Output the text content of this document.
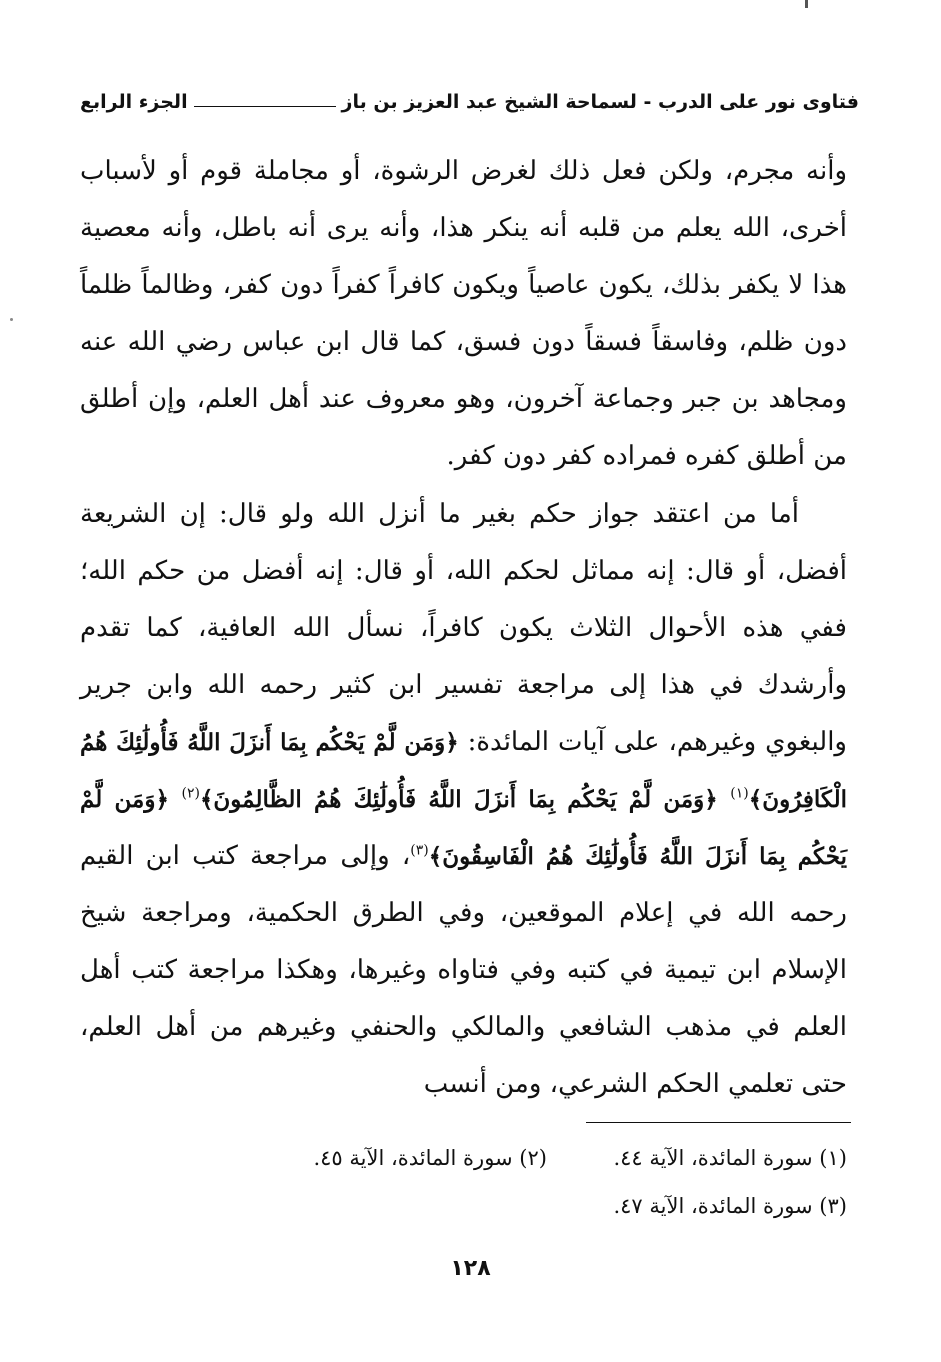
فتاوى نور على الدرب - لسماحة الشيخ عبد العزيز بن باز
الجزء الرابع
وأنه مجرم، ولكن فعل ذلك لغرض الرشوة، أو مجاملة قوم أو لأسباب أخرى، الله يعلم من قلبه أنه ينكر هذا، وأنه يرى أنه باطل، وأنه معصية هذا لا يكفر بذلك، يكون عاصياً ويكون كافراً كفراً دون كفر، وظالماً ظلماً دون ظلم، وفاسقاً فسقاً دون فسق، كما قال ابن عباس رضي الله عنه ومجاهد بن جبر وجماعة آخرون، وهو معروف عند أهل العلم، وإن أطلق من أطلق كفره فمراده كفر دون كفر.
أما من اعتقد جواز حكم بغير ما أنزل الله ولو قال: إن الشريعة أفضل، أو قال: إنه مماثل لحكم الله، أو قال: إنه أفضل من حكم الله؛ ففي هذه الأحوال الثلاث يكون كافراً، نسأل الله العافية، كما تقدم وأرشدك في هذا إلى مراجعة تفسير ابن كثير رحمه الله وابن جرير والبغوي وغيرهم، على آيات المائدة: ﴿وَمَن لَّمْ يَحْكُم بِمَا أَنزَلَ اللَّهُ فَأُولَٰئِكَ هُمُ الْكَافِرُونَ﴾$^{(١)}$ ﴿وَمَن لَّمْ يَحْكُم بِمَا أَنزَلَ اللَّهُ فَأُولَٰئِكَ هُمُ الظَّالِمُونَ﴾$^{(٢)}$ ﴿وَمَن لَّمْ يَحْكُم بِمَا أَنزَلَ اللَّهُ فَأُولَٰئِكَ هُمُ الْفَاسِقُونَ﴾$^{(٣)}$، وإلى مراجعة كتب ابن القيم رحمه الله في إعلام الموقعين، وفي الطرق الحكمية، ومراجعة شيخ الإسلام ابن تيمية في كتبه وفي فتاواه وغيرها، وهكذا مراجعة كتب أهل العلم في مذهب الشافعي والمالكي والحنفي وغيرهم من أهل العلم، حتى تعلمي الحكم الشرعي، ومن أنسب
(١) سورة المائدة، الآية ٤٤.
(٢) سورة المائدة، الآية ٤٥.
(٣) سورة المائدة، الآية ٤٧.
١٢٨
